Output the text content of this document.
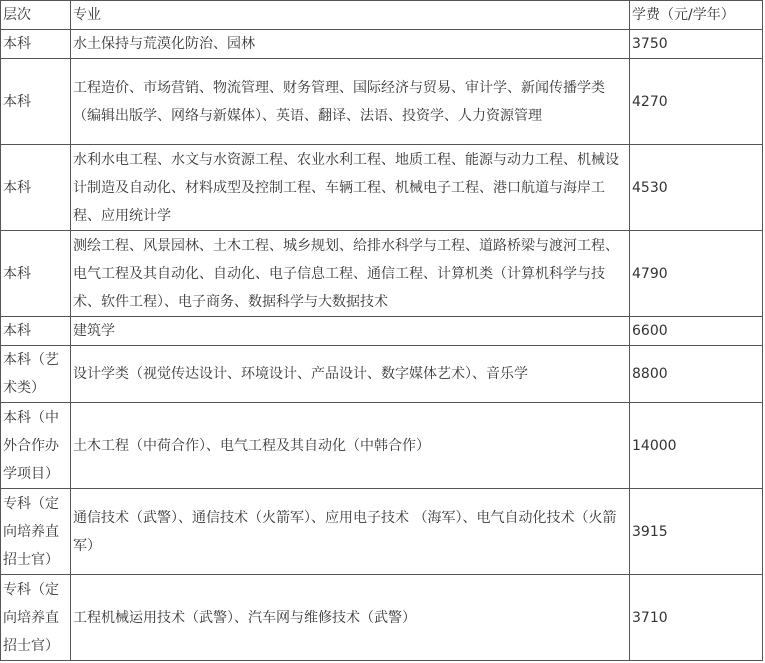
层次	专业	学费（元/学年）
本科	水土保持与荒漠化防治、园林	3750
本科	工程造价、市场营销、物流管理、财务管理、国际经济与贸易、审计学、新闻传播学类（编辑出版学、网络与新媒体）、英语、翻译、法语、投资学、人力资源管理	4270
本科	水利水电工程、水文与水资源工程、农业水利工程、地质工程、能源与动力工程、机械设计制造及自动化、材料成型及控制工程、车辆工程、机械电子工程、港口航道与海岸工程、应用统计学	4530
本科	测绘工程、风景园林、土木工程、城乡规划、给排水科学与工程、道路桥梁与渡河工程、电气工程及其自动化、自动化、电子信息工程、通信工程、计算机类（计算机科学与技术、软件工程）、电子商务、数据科学与大数据技术	4790
本科	建筑学	6600
本科（艺术类）	设计学类（视觉传达设计、环境设计、产品设计、数字媒体艺术）、音乐学	8800
本科（中外合作办学项目）	土木工程（中荷合作）、电气工程及其自动化（中韩合作）	14000
专科（定向培养直招士官）	通信技术（武警）、通信技术（火箭军）、应用电子技术 （海军）、电气自动化技术（火箭军）	3915
专科（定向培养直招士官）	工程机械运用技术（武警）、汽车网与维修技术（武警）	3710
